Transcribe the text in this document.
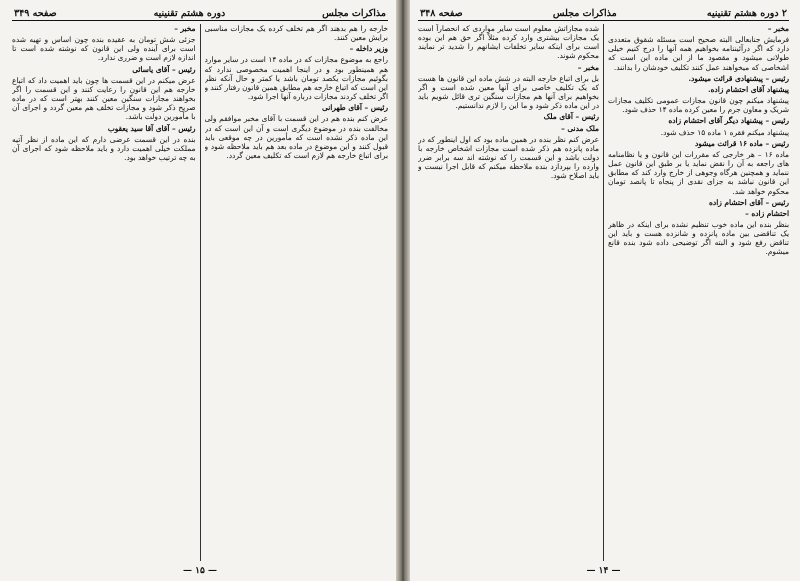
مذاکرات مجلس
دوره هشتم تقنینیه
صفحه ۳۴۹

خارجه را هم بدهند اگر هم تخلف کرده یک مجازات مناسبی برایش معین کنند.

وزیر داخله –

راجع به موضوع مجازات که در ماده ۱۴ است در سایر موارد هم همینطور بود و در اینجا اهمیت مخصوصی ندارد که بگوئیم مجازات یکصد تومان باشد یا کمتر و حال آنکه نظر این است که اتباع خارجه هم مطابق همین قانون رفتار کنند و اگر تخلف کردند مجازات درباره آنها اجرا شود.

رئیس – آقای طهرانی

عرض کنم بنده هم در این قسمت با آقای مخبر موافقم ولی مخالفت بنده در موضوع دیگری است و آن این است که در این ماده ذکر نشده است که مأمورین در چه موقعی باید قبول کنند و این موضوع در ماده بعد هم باید ملاحظه شود و برای اتباع خارجه هم لازم است که تکلیف معین گردد.

مخبر –

جزئی شش تومان به عقیده بنده چون اساس و تهیه شده است برای آینده ولی این قانون که نوشته شده است تا اندازه لازم است و ضرری ندارد.

رئیس – آقای یاسائی

عرض میکنم در این قسمت ها چون باید اهمیت داد که اتباع خارجه هم این قانون را رعایت کنند و این قسمت را اگر بخواهند مجازات سنگین معین کنند بهتر است که در ماده صریح ذکر شود و مجازات تخلف هم معین گردد و اجرای آن با مأمورین دولت باشد.

رئیس – آقای آقا سید یعقوب

بنده در این قسمت عرضی دارم که این ماده از نظر آتیه مملکت خیلی اهمیت دارد و باید ملاحظه شود که اجرای آن به چه ترتیب خواهد بود.

— ۱۵ —
۲ دوره هشتم تقنینیه
مذاکرات مجلس
صفحه ۳۴۸

مخبر –

فرمایش جنابعالی البته صحیح است مسئله شقوق متعددی دارد که اگر درآئیننامه بخواهیم همه آنها را درج کنیم خیلی طولانی میشود و مقصود ما از این ماده این است که اشخاصی که میخواهند عمل کنند تکلیف خودشان را بدانند.

رئیس – پیشنهادی قرائت میشود.

پیشنهاد آقای احتشام زاده.

پیشنهاد میکنم چون قانون مجازات عمومی تکلیف مجازات شریک و معاون جرم را معین کرده ماده ۱۴ حذف شود.

رئیس – پیشنهاد دیگر آقای احتشام زاده

پیشنهاد میکنم فقره ۱ ماده ۱۵ حذف شود.

رئیس – ماده ۱۶ قرائت میشود

ماده ۱۶ – هر خارجی که مقررات این قانون و یا نظامنامه های راجعه به آن را نقض نماید یا بر طبق این قانون عمل ننماید و همچنین هرگاه وجوهی از خارج وارد کند که مطابق این قانون نباشد به جزای نقدی از پنجاه تا پانصد تومان محکوم خواهد شد.

رئیس – آقای احتشام زاده

احتشام زاده –

بنظر بنده این ماده خوب تنظیم نشده برای اینکه در ظاهر یک تناقضی بین ماده پانزده و شانزده هست و باید این تناقض رفع شود و البته اگر توضیحی داده شود بنده قانع میشوم.

شده مجازاتش معلوم است سایر مواردی که انحصاراً است یک مجازات بیشتری وارد کرده مثلاً اگر حق هم این بوده است برای اینکه سایر تخلفات ایشانهم را شدید تر نمایند محکوم شوند.

مخبر –

بل برای اتباع خارجه البته در شش ماده این قانون ها هست که یک تکلیف خاصی برای آنها معین شده است و اگر بخواهیم برای آنها هم مجازات سنگین تری قائل شویم باید در این ماده ذکر شود و ما این را لازم ندانستیم.

رئیس – آقای ملک

ملک مدنی –

عرض کنم نظر بنده در همین ماده بود که اول اینطور که در ماده پانزده هم ذکر شده است مجازات اشخاص خارجه با دولت باشد و این قسمت را که نوشته اند سه برابر ضرر وارده را بپردازد بنده ملاحظه میکنم که قابل اجرا نیست و باید اصلاح شود.

— ۱۴ —
